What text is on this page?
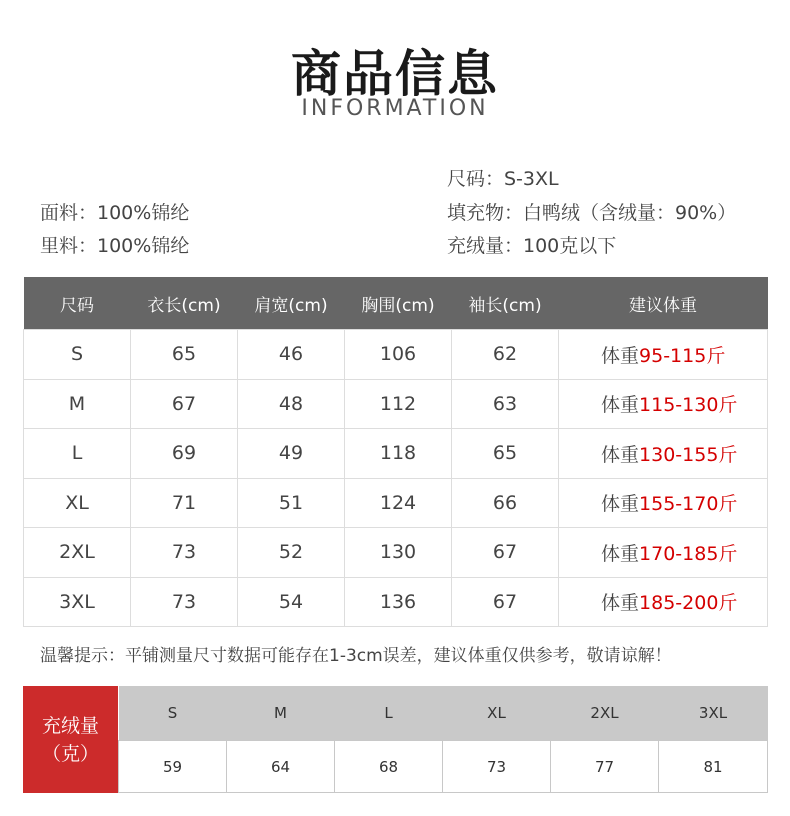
商品信息
INFORMATION
面料：100%锦纶
里料：100%锦纶
尺码：S-3XL
填充物：白鸭绒（含绒量：90%）
充绒量：100克以下
尺码	衣长(cm)	肩宽(cm)	胸围(cm)	袖长(cm)	建议体重
S	65	46	106	62	体重95-115斤
M	67	48	112	63	体重115-130斤
L	69	49	118	65	体重130-155斤
XL	71	51	124	66	体重155-170斤
2XL	73	52	130	67	体重170-185斤
3XL	73	54	136	67	体重185-200斤
温馨提示：平铺测量尺寸数据可能存在1-3cm误差，建议体重仅供参考，敬请谅解！
充绒量
（克）
S	M	L	XL	2XL	3XL
59	64	68	73	77	81
